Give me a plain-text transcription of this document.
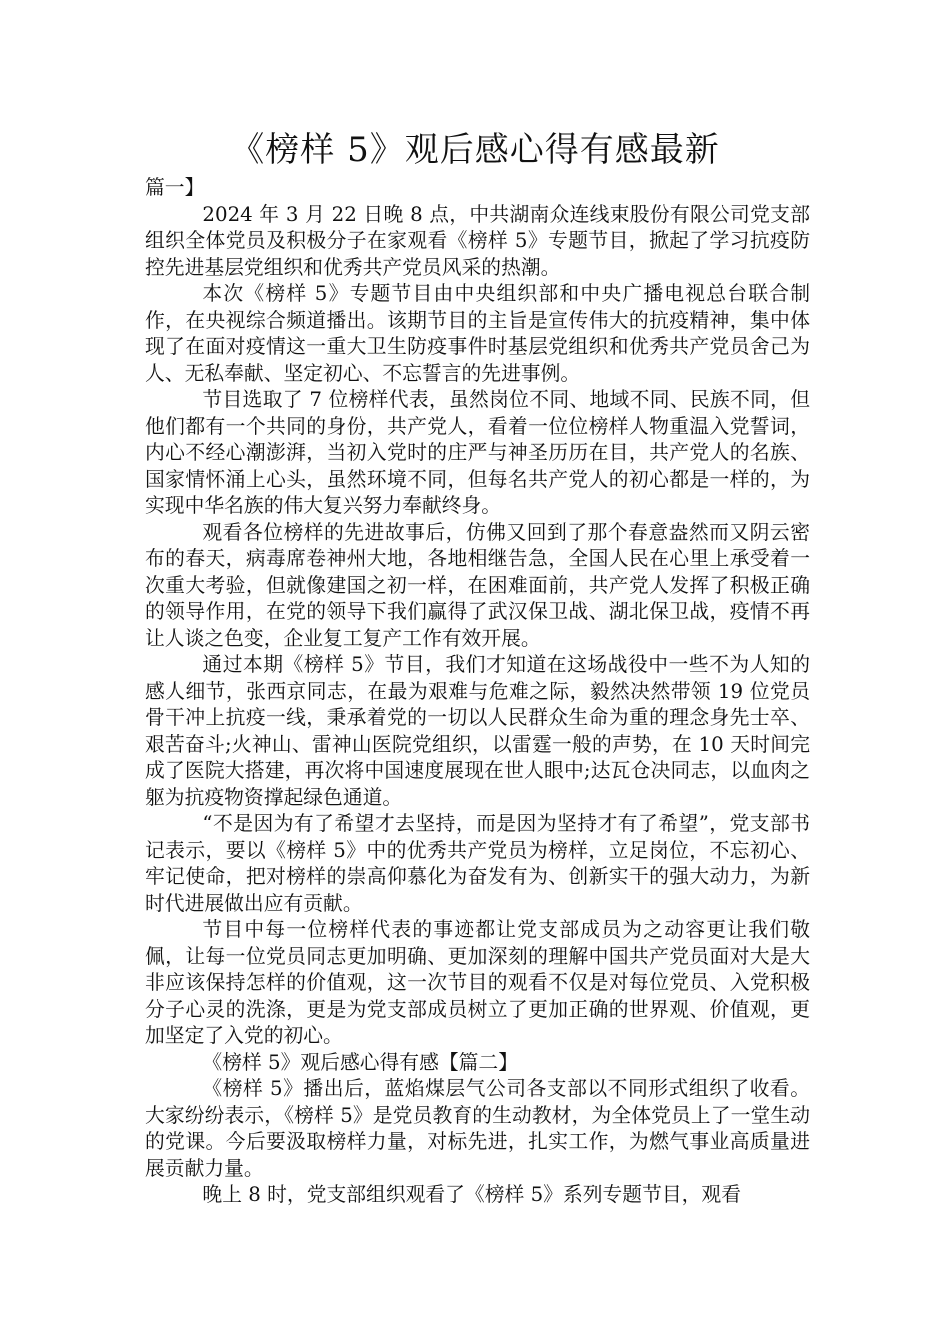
《榜样 5》观后感心得有感最新

篇一】

2024 年 3 月 22 日晚 8 点，中共湖南众连线束股份有限公司党支部组织全体党员及积极分子在家观看《榜样 5》专题节目，掀起了学习抗疫防控先进基层党组织和优秀共产党员风采的热潮。

本次《榜样 5》专题节目由中央组织部和中央广播电视总台联合制作，在央视综合频道播出。该期节目的主旨是宣传伟大的抗疫精神，集中体现了在面对疫情这一重大卫生防疫事件时基层党组织和优秀共产党员舍己为人、无私奉献、坚定初心、不忘誓言的先进事例。

节目选取了 7 位榜样代表，虽然岗位不同、地域不同、民族不同，但他们都有一个共同的身份，共产党人，看着一位位榜样人物重温入党誓词，内心不经心潮澎湃，当初入党时的庄严与神圣历历在目，共产党人的名族、国家情怀涌上心头，虽然环境不同，但每名共产党人的初心都是一样的，为实现中华名族的伟大复兴努力奉献终身。

观看各位榜样的先进故事后，仿佛又回到了那个春意盎然而又阴云密布的春天，病毒席卷神州大地，各地相继告急，全国人民在心里上承受着一次重大考验，但就像建国之初一样，在困难面前，共产党人发挥了积极正确的领导作用，在党的领导下我们赢得了武汉保卫战、湖北保卫战，疫情不再让人谈之色变，企业复工复产工作有效开展。

通过本期《榜样 5》节目，我们才知道在这场战役中一些不为人知的感人细节，张西京同志，在最为艰难与危难之际，毅然决然带领 19 位党员骨干冲上抗疫一线，秉承着党的一切以人民群众生命为重的理念身先士卒、艰苦奋斗;火神山、雷神山医院党组织，以雷霆一般的声势，在 10 天时间完成了医院大搭建，再次将中国速度展现在世人眼中;达瓦仓决同志，以血肉之躯为抗疫物资撑起绿色通道。

“不是因为有了希望才去坚持，而是因为坚持才有了希望”，党支部书记表示，要以《榜样 5》中的优秀共产党员为榜样，立足岗位，不忘初心、牢记使命，把对榜样的崇高仰慕化为奋发有为、创新实干的强大动力，为新时代进展做出应有贡献。

节目中每一位榜样代表的事迹都让党支部成员为之动容更让我们敬佩，让每一位党员同志更加明确、更加深刻的理解中国共产党员面对大是大非应该保持怎样的价值观，这一次节目的观看不仅是对每位党员、入党积极分子心灵的洗涤，更是为党支部成员树立了更加正确的世界观、价值观，更加坚定了入党的初心。

《榜样 5》观后感心得有感【篇二】

《榜样 5》播出后，蓝焰煤层气公司各支部以不同形式组织了收看。大家纷纷表示，《榜样 5》是党员教育的生动教材，为全体党员上了一堂生动的党课。今后要汲取榜样力量，对标先进，扎实工作，为燃气事业高质量进展贡献力量。

晚上 8 时，党支部组织观看了《榜样 5》系列专题节目，观看
